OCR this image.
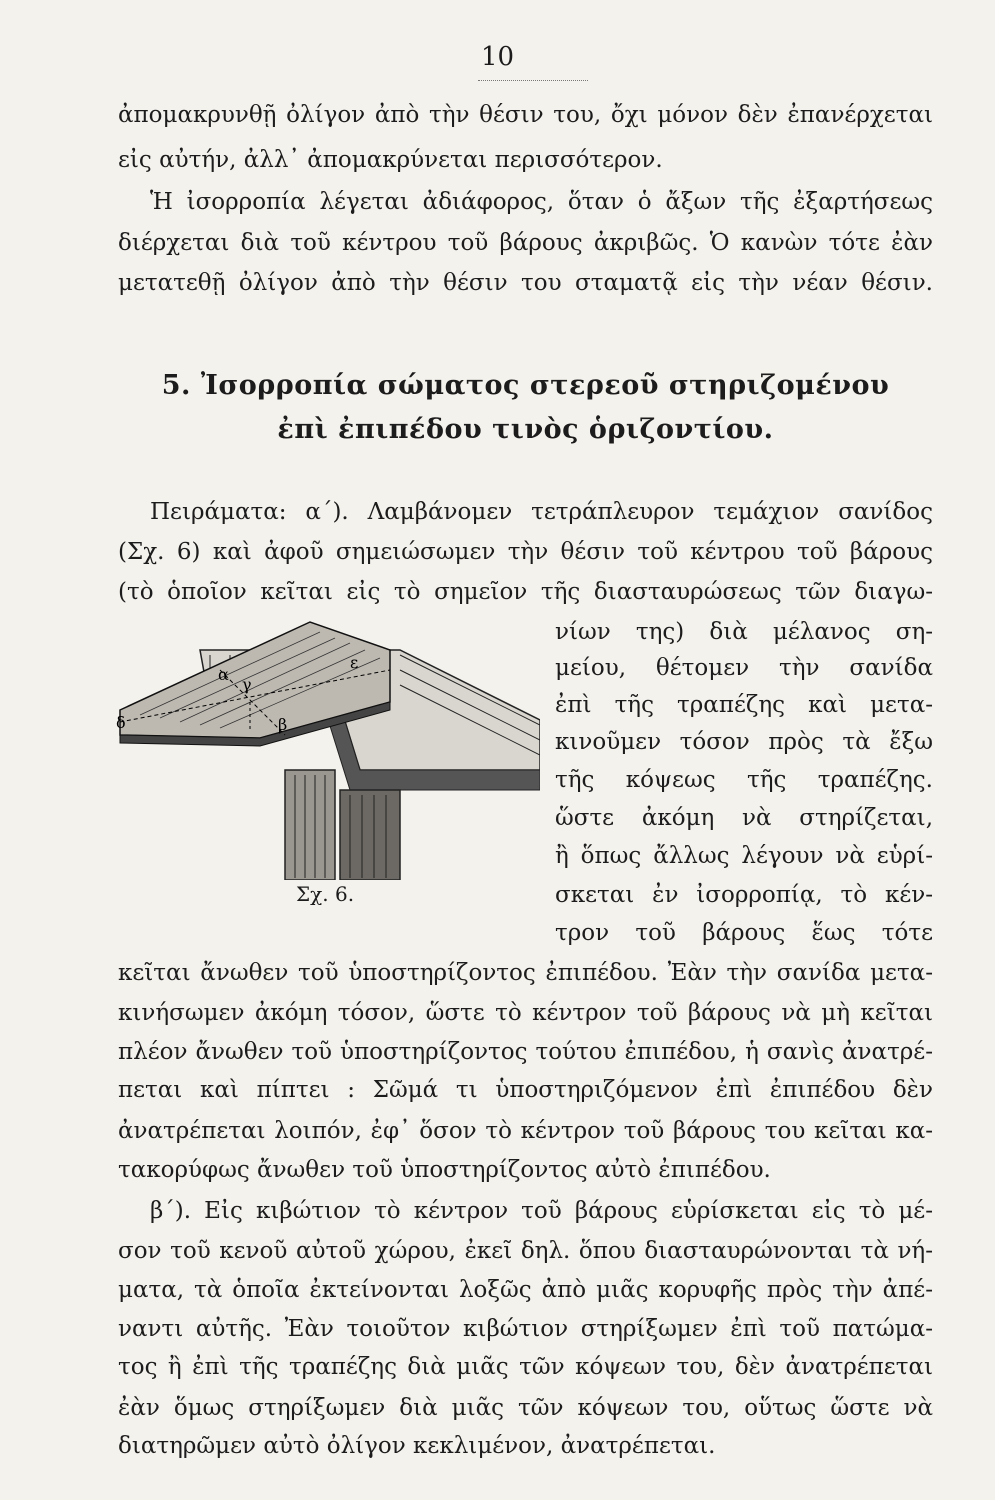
10
ἀπομακρυνθῇ ὀλίγον ἀπὸ τὴν θέσιν του, ὄχι μόνον δὲν ἐπανέρχεται
εἰς αὐτήν, ἀλλ᾽ ἀπομακρύνεται περισσότερον.
Ἡ ἰσορροπία λέγεται ἀδιάφορος, ὅταν ὁ ἄξων τῆς ἐξαρτήσεως
διέρχεται διὰ τοῦ κέντρου τοῦ βάρους ἀκριβῶς. Ὁ κανὼν τότε ἐὰν
μετατεθῇ ὀλίγον ἀπὸ τὴν θέσιν του σταματᾷ εἰς τὴν νέαν θέσιν.
5. Ἰσορροπία σώματος στερεοῦ στηριζομένου
ἐπὶ ἐπιπέδου τινὸς ὁριζοντίου.
Πειράματα: α΄). Λαμβάνομεν τετράπλευρον τεμάχιον σανίδος
(Σχ. 6) καὶ ἀφοῦ σημειώσωμεν τὴν θέσιν τοῦ κέντρου τοῦ βάρους
(τὸ ὁποῖον κεῖται εἰς τὸ σημεῖον τῆς διασταυρώσεως τῶν διαγω-
νίων της) διὰ μέλανος ση-
μείου, θέτομεν τὴν σανίδα
ἐπὶ τῆς τραπέζης καὶ μετα-
κινοῦμεν τόσον πρὸς τὰ ἔξω
τῆς κόψεως τῆς τραπέζης.
ὥστε ἀκόμη νὰ στηρίζεται,
ἢ ὅπως ἄλλως λέγουν νὰ εὑρί-
σκεται ἐν ἰσορροπίᾳ, τὸ κέν-
τρον τοῦ βάρους ἕως τότε
α
γ
β
δ
ε
Σχ. 6.
κεῖται ἄνωθεν τοῦ ὑποστηρίζοντος ἐπιπέδου. Ἐὰν τὴν σανίδα μετα-
κινήσωμεν ἀκόμη τόσον, ὥστε τὸ κέντρον τοῦ βάρους νὰ μὴ κεῖται
πλέον ἄνωθεν τοῦ ὑποστηρίζοντος τούτου ἐπιπέδου, ἡ σανὶς ἀνατρέ-
πεται καὶ πίπτει : Σῶμά τι ὑποστηριζόμενον ἐπὶ ἐπιπέδου δὲν
ἀνατρέπεται λοιπόν, ἐφ᾽ ὅσον τὸ κέντρον τοῦ βάρους του κεῖται κα-
τακορύφως ἄνωθεν τοῦ ὑποστηρίζοντος αὐτὸ ἐπιπέδου.
β΄). Εἰς κιβώτιον τὸ κέντρον τοῦ βάρους εὑρίσκεται εἰς τὸ μέ-
σον τοῦ κενοῦ αὐτοῦ χώρου, ἐκεῖ δηλ. ὅπου διασταυρώνονται τὰ νή-
ματα, τὰ ὁποῖα ἐκτείνονται λοξῶς ἀπὸ μιᾶς κορυφῆς πρὸς τὴν ἀπέ-
ναντι αὐτῆς. Ἐὰν τοιοῦτον κιβώτιον στηρίξωμεν ἐπὶ τοῦ πατώμα-
τος ἢ ἐπὶ τῆς τραπέζης διὰ μιᾶς τῶν κόψεων του, δὲν ἀνατρέπεται
ἐὰν ὅμως στηρίξωμεν διὰ μιᾶς τῶν κόψεων του, οὕτως ὥστε νὰ
διατηρῶμεν αὐτὸ ὀλίγον κεκλιμένον, ἀνατρέπεται.
